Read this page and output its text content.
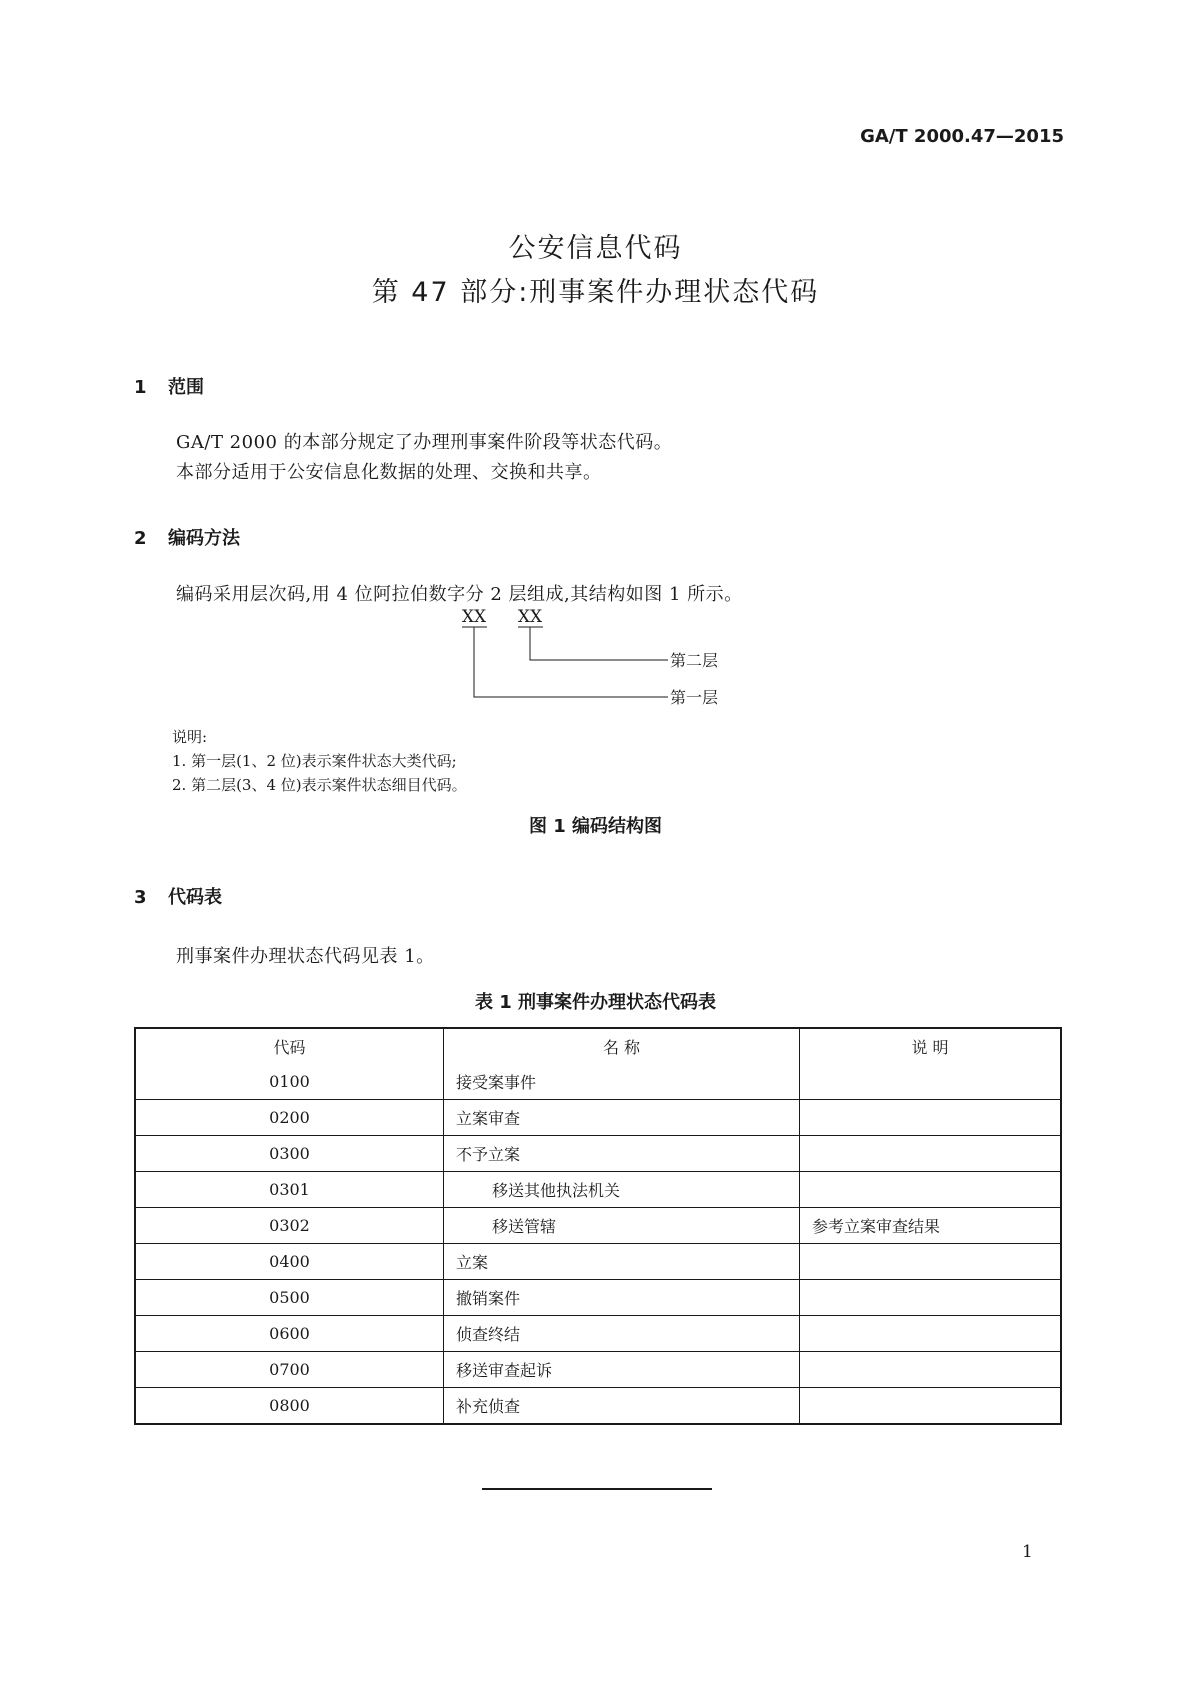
GA/T 2000.47—2015
公安信息代码
第 47 部分:刑事案件办理状态代码
1 范围
GA/T 2000 的本部分规定了办理刑事案件阶段等状态代码。
本部分适用于公安信息化数据的处理、交换和共享。
2 编码方法
编码采用层次码,用 4 位阿拉伯数字分 2 层组成,其结构如图 1 所示。
XX XX
第二层
第一层
说明:
1. 第一层(1、2 位)表示案件状态大类代码;
2. 第二层(3、4 位)表示案件状态细目代码。
图 1 编码结构图
3 代码表
刑事案件办理状态代码见表 1。
表 1 刑事案件办理状态代码表
代码	名 称	说 明
0100	接受案事件	
0200	立案审查	
0300	不予立案	
0301	移送其他执法机关	
0302	移送管辖	参考立案审查结果
0400	立案	
0500	撤销案件	
0600	侦查终结	
0700	移送审查起诉	
0800	补充侦查	
1
